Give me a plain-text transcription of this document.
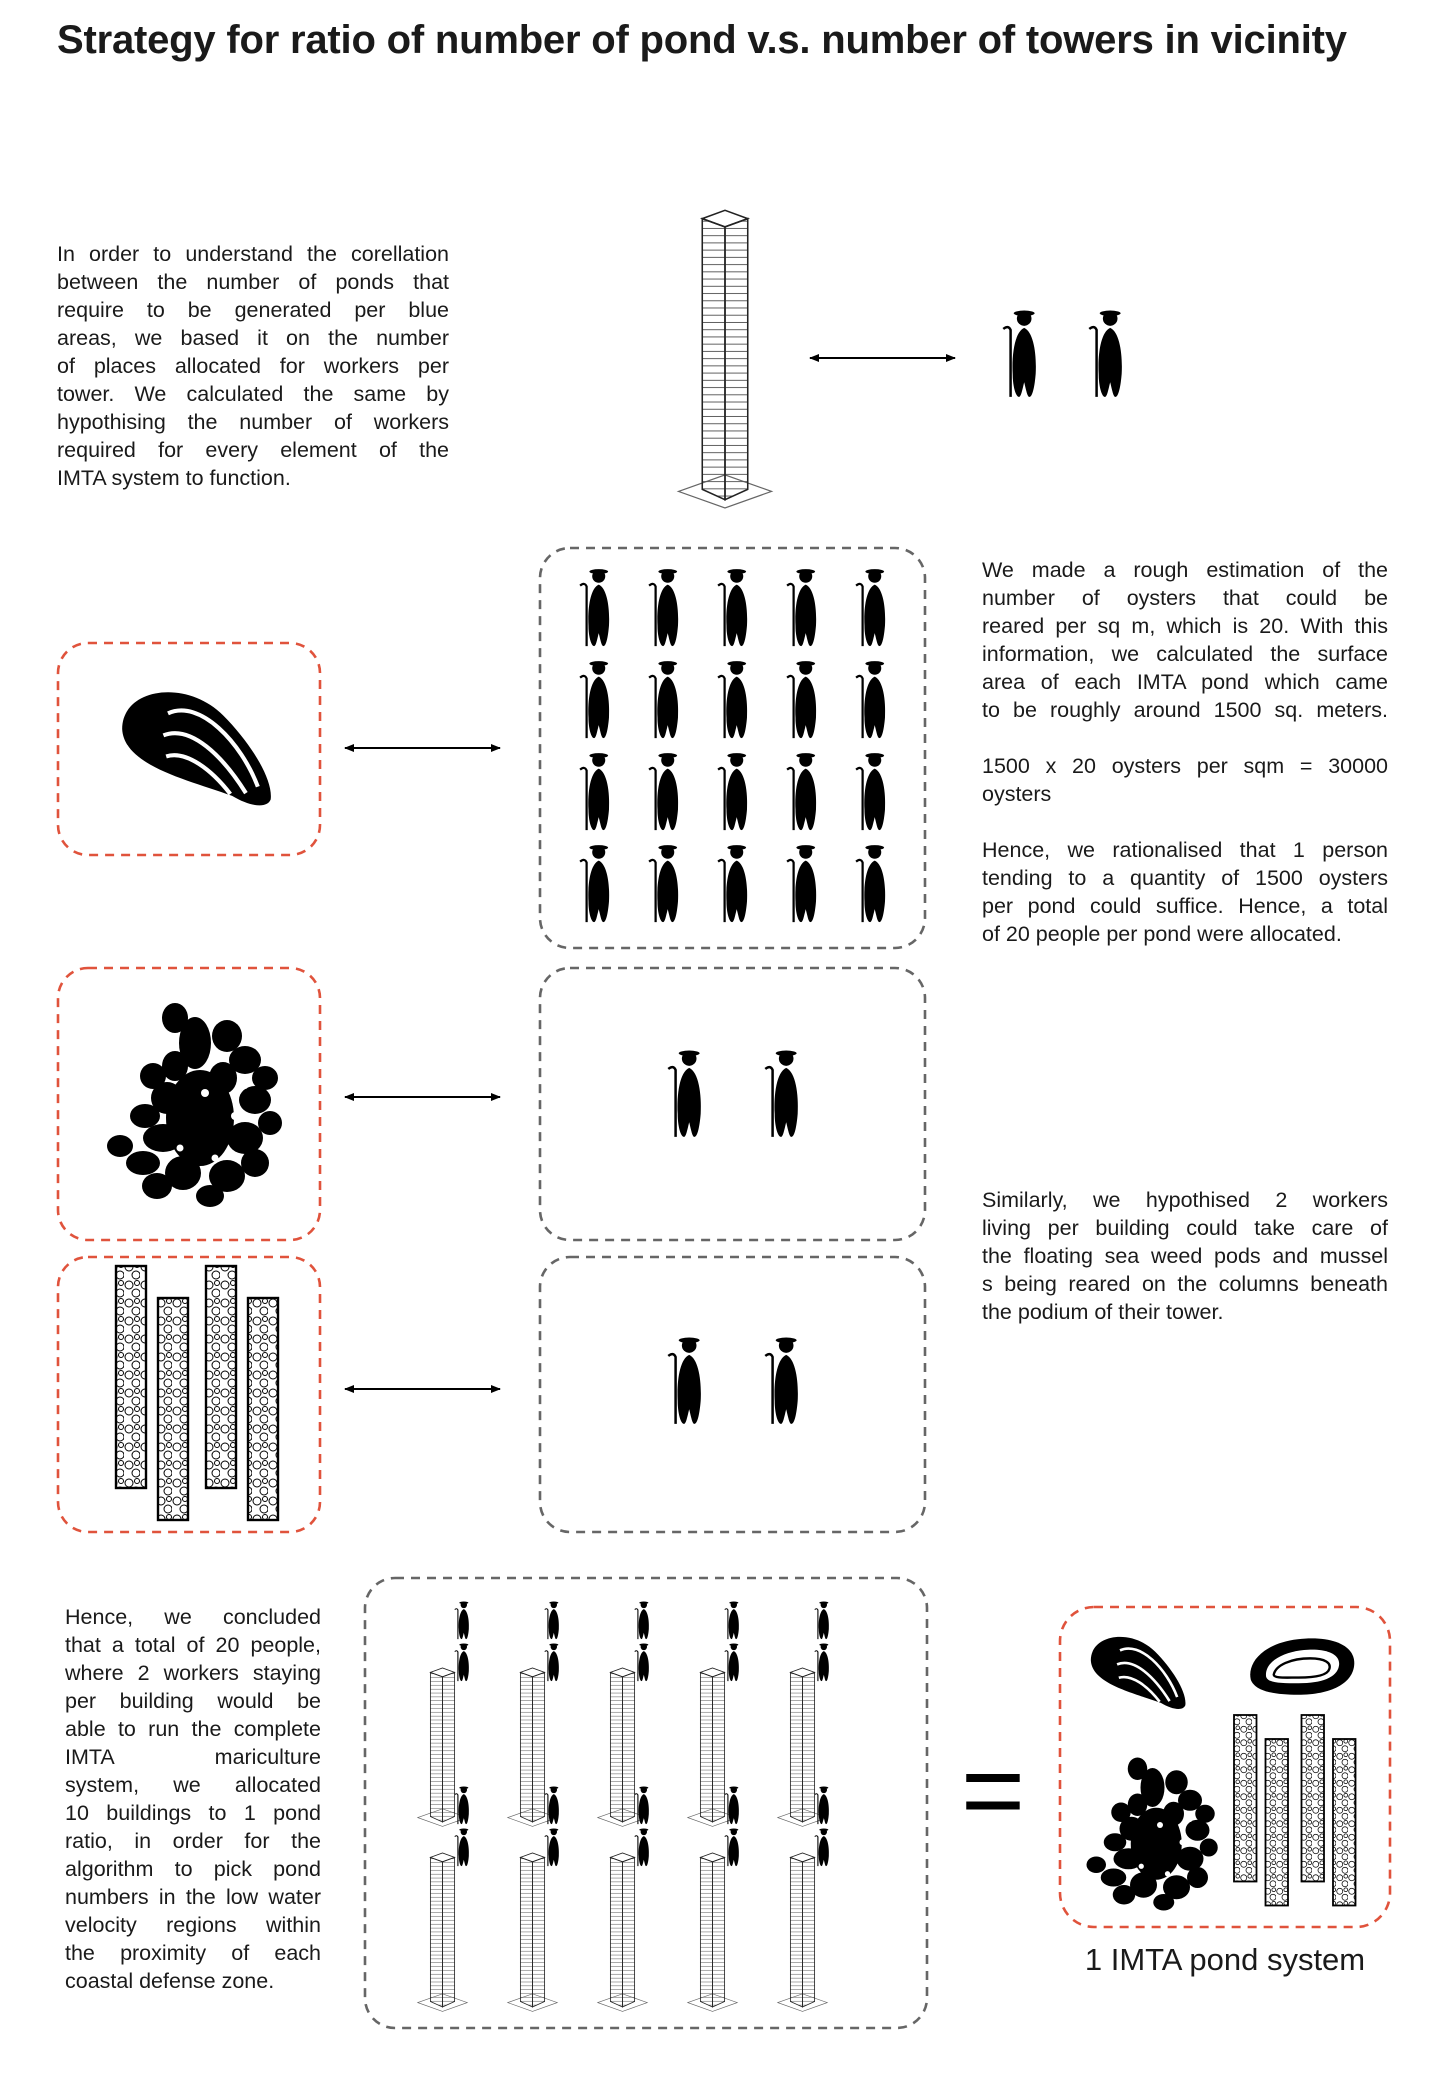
Strategy for ratio of number of pond v.s. number of towers in vicinity
In order to understand the corellation
between the number of ponds that
require to be generated per blue
areas, we based it on the number
of places allocated for workers per
tower. We calculated the same by
hypothising the number of workers
required for every element of the
IMTA system to function.
We made a rough estimation of the
number of oysters that could be
reared per sq m, which is 20. With this
information, we calculated the surface
area of each IMTA pond which came
to be roughly around 1500 sq. meters.
1500 x 20 oysters per sqm = 30000
oysters
Hence, we rationalised that 1 person
tending to a quantity of 1500 oysters
per pond could suffice. Hence, a total
of 20 people per pond were allocated.
Similarly, we hypothised 2 workers
living per building could take care of
the floating sea weed pods and mussel
s being reared on the columns beneath
the podium of their tower.
Hence, we concluded
that a total of 20 people,
where 2 workers staying
per building would be
able to run the complete
IMTA mariculture
system, we allocated
10 buildings to 1 pond
ratio, in order for the
algorithm to pick pond
numbers in the low water
velocity regions within
the proximity of each
coastal defense zone.

1 IMTA pond system

=
